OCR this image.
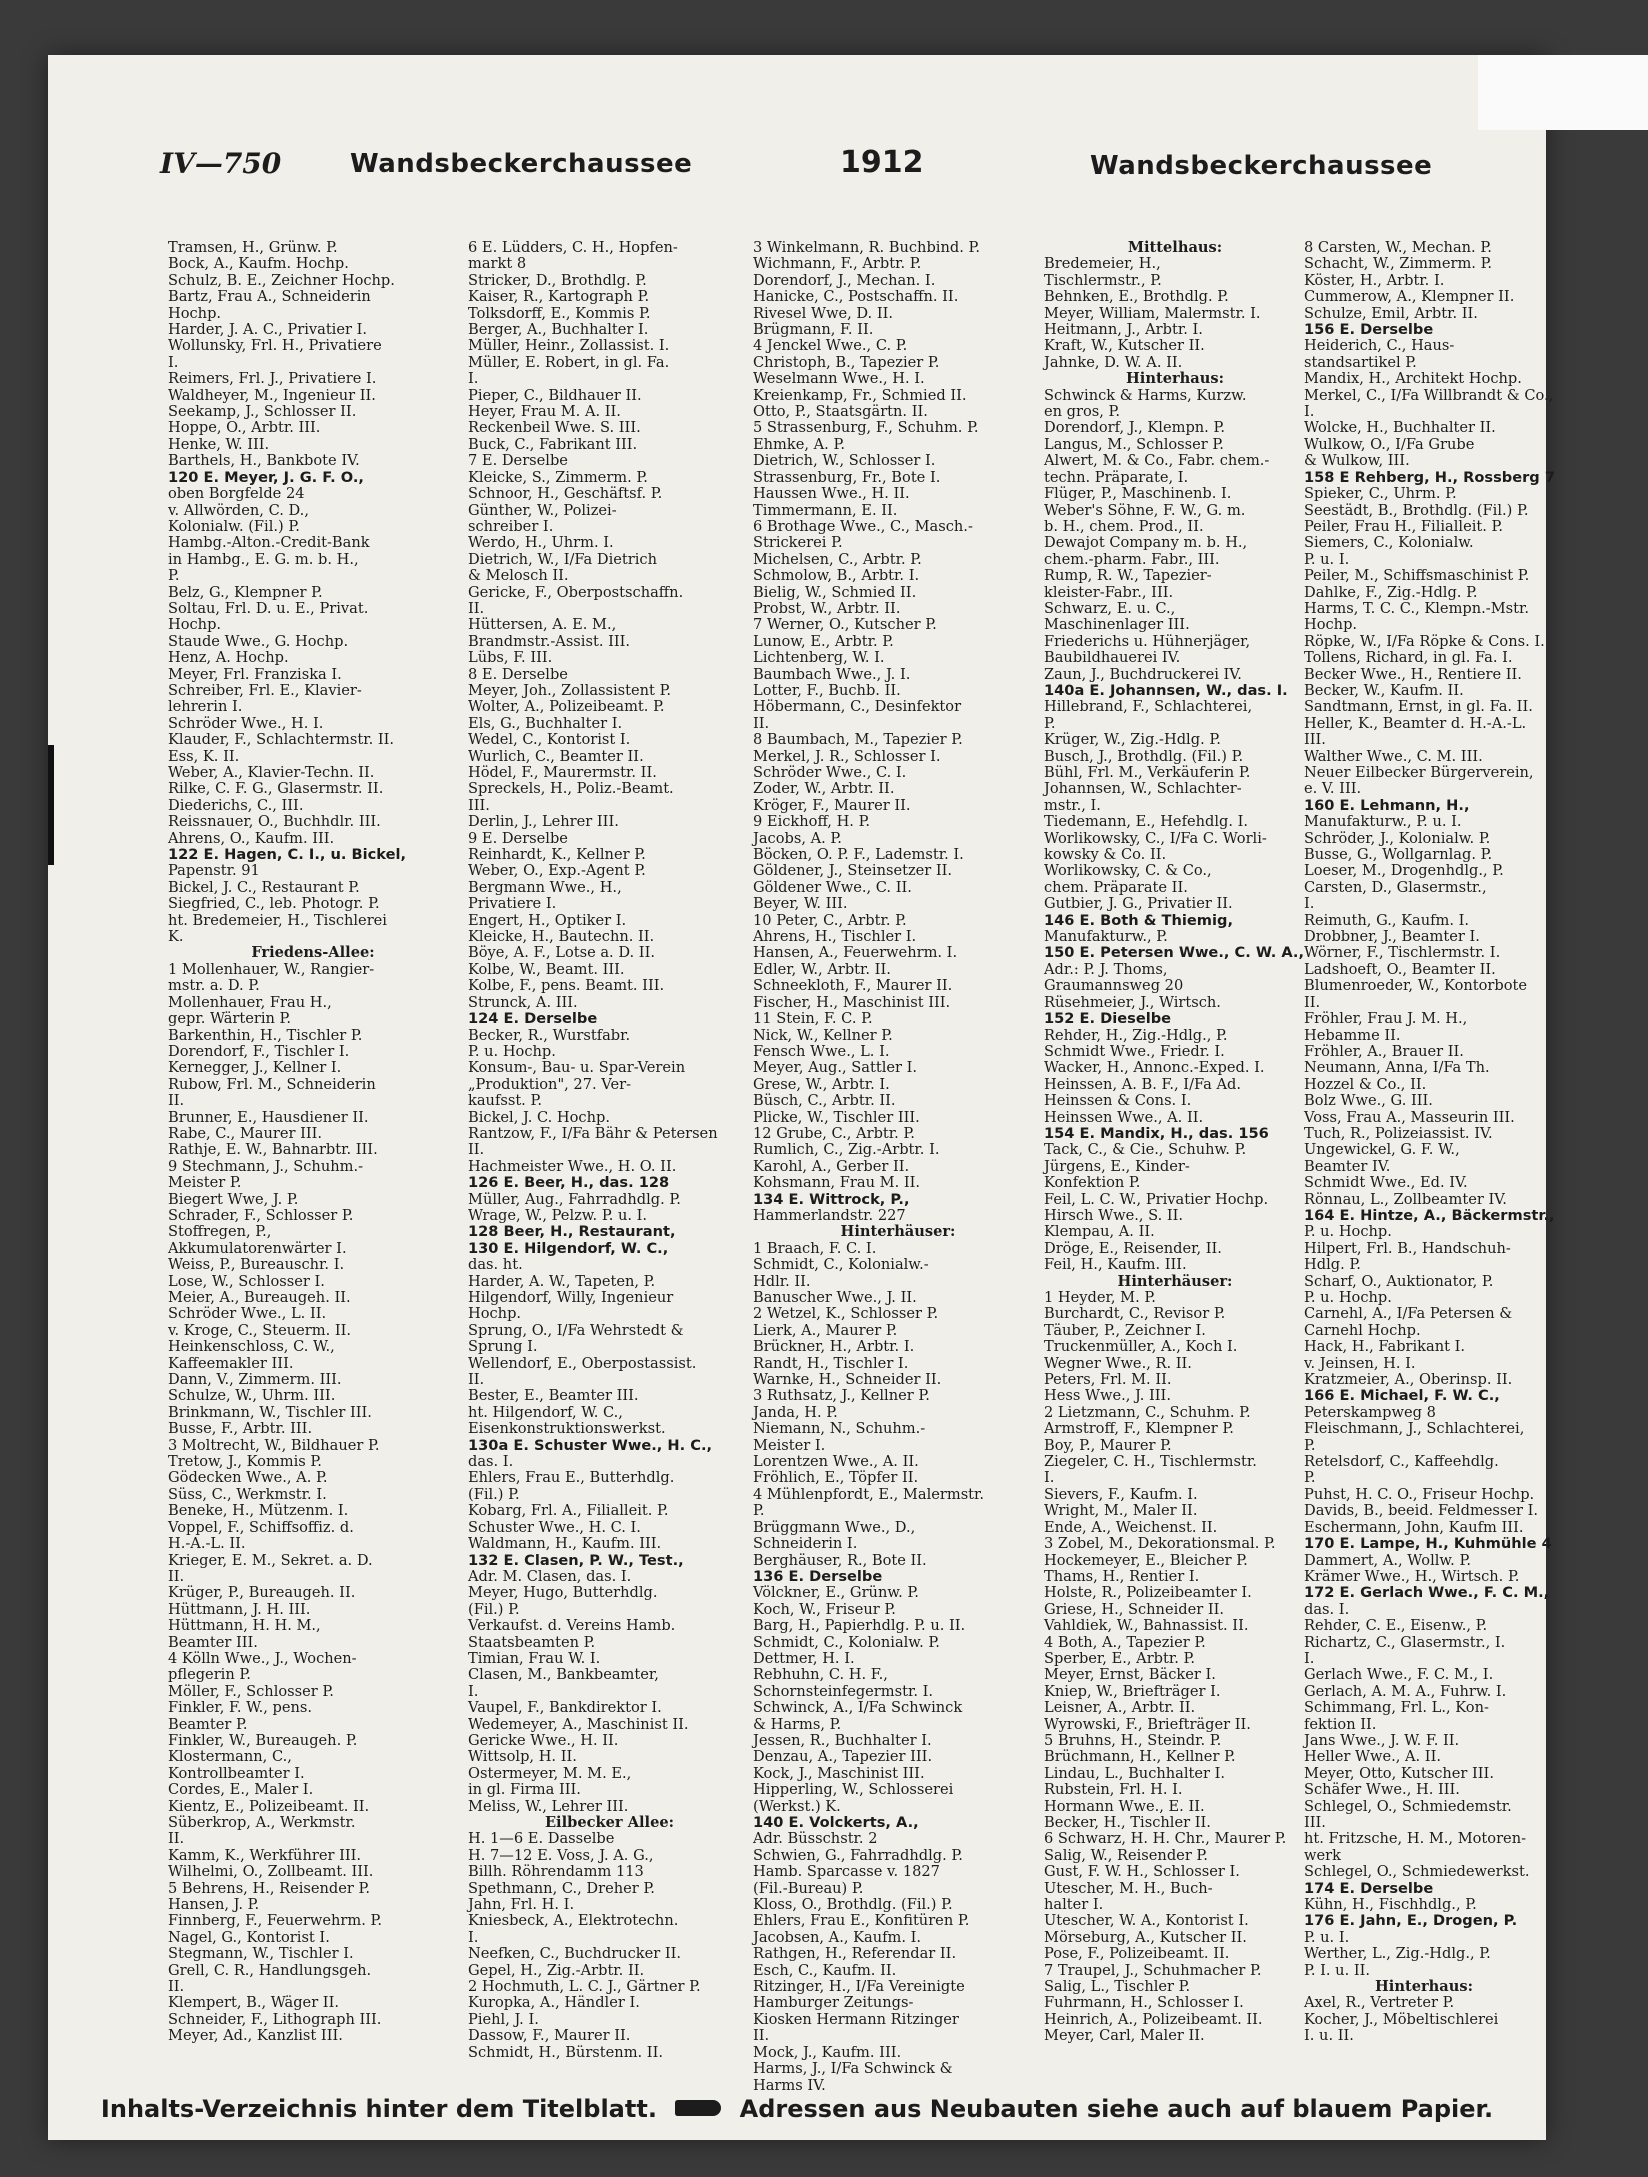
IV—750	Wandsbeckerchaussee	1912	Wandsbeckerchaussee
Tramsen, H., Grünw. P.
Bock, A., Kaufm. Hochp.
Schulz, B. E., Zeichner Hochp.
Bartz, Frau A., Schneiderin
Hochp.
Harder, J. A. C., Privatier I.
Wollunsky, Frl. H., Privatiere
I.
Reimers, Frl. J., Privatiere I.
Waldheyer, M., Ingenieur II.
Seekamp, J., Schlosser II.
Hoppe, O., Arbtr. III.
Henke, W. III.
Barthels, H., Bankbote IV.
120 E. Meyer, J. G. F. O.,
oben Borgfelde 24
v. Allwörden, C. D.,
Kolonialw. (Fil.) P.
Hambg.-Alton.-Credit-Bank
in Hambg., E. G. m. b. H.,
P.
Belz, G., Klempner P.
Soltau, Frl. D. u. E., Privat.
Hochp.
Staude Wwe., G. Hochp.
Henz, A. Hochp.
Meyer, Frl. Franziska I.
Schreiber, Frl. E., Klavier-
lehrerin I.
Schröder Wwe., H. I.
Klauder, F., Schlachtermstr. II.
Ess, K. II.
Weber, A., Klavier-Techn. II.
Rilke, C. F. G., Glasermstr. II.
Diederichs, C., III.
Reissnauer, O., Buchhdlr. III.
Ahrens, O., Kaufm. III.
122 E. Hagen, C. I., u. Bickel,
Papenstr. 91
Bickel, J. C., Restaurant P.
Siegfried, C., leb. Photogr. P.
ht. Bredemeier, H., Tischlerei
K.
Friedens-Allee:
1 Mollenhauer, W., Rangier-
mstr. a. D. P.
Mollenhauer, Frau H.,
gepr. Wärterin P.
Barkenthin, H., Tischler P.
Dorendorf, F., Tischler I.
Kernegger, J., Kellner I.
Rubow, Frl. M., Schneiderin
II.
Brunner, E., Hausdiener II.
Rabe, C., Maurer III.
Rathje, E. W., Bahnarbtr. III.
9 Stechmann, J., Schuhm.-
Meister P.
Biegert Wwe, J. P.
Schrader, F., Schlosser P.
Stoffregen, P.,
Akkumulatorenwärter I.
Weiss, P., Bureauschr. I.
Lose, W., Schlosser I.
Meier, A., Bureaugeh. II.
Schröder Wwe., L. II.
v. Kroge, C., Steuerm. II.
Heinkenschloss, C. W.,
Kaffeemakler III.
Dann, V., Zimmerm. III.
Schulze, W., Uhrm. III.
Brinkmann, W., Tischler III.
Busse, F., Arbtr. III.
3 Moltrecht, W., Bildhauer P.
Tretow, J., Kommis P.
Gödecken Wwe., A. P.
Süss, C., Werkmstr. I.
Beneke, H., Mützenm. I.
Voppel, F., Schiffsoffiz. d.
H.-A.-L. II.
Krieger, E. M., Sekret. a. D.
II.
Krüger, P., Bureaugeh. II.
Hüttmann, J. H. III.
Hüttmann, H. H. M.,
Beamter III.
4 Kölln Wwe., J., Wochen-
pflegerin P.
Möller, F., Schlosser P.
Finkler, F. W., pens.
Beamter P.
Finkler, W., Bureaugeh. P.
Klostermann, C.,
Kontrollbeamter I.
Cordes, E., Maler I.
Kientz, E., Polizeibeamt. II.
Süberkrop, A., Werkmstr.
II.
Kamm, K., Werkführer III.
Wilhelmi, O., Zollbeamt. III.
5 Behrens, H., Reisender P.
Hansen, J. P.
Finnberg, F., Feuerwehrm. P.
Nagel, G., Kontorist I.
Stegmann, W., Tischler I.
Grell, C. R., Handlungsgeh.
II.
Klempert, B., Wäger II.
Schneider, F., Lithograph III.
Meyer, Ad., Kanzlist III.
6 E. Lüdders, C. H., Hopfen-
markt 8
Stricker, D., Brothdlg. P.
Kaiser, R., Kartograph P.
Tolksdorff, E., Kommis P.
Berger, A., Buchhalter I.
Müller, Heinr., Zollassist. I.
Müller, E. Robert, in gl. Fa.
I.
Pieper, C., Bildhauer II.
Heyer, Frau M. A. II.
Reckenbeil Wwe. S. III.
Buck, C., Fabrikant III.
7 E. Derselbe
Kleicke, S., Zimmerm. P.
Schnoor, H., Geschäftsf. P.
Günther, W., Polizei-
schreiber I.
Werdo, H., Uhrm. I.
Dietrich, W., I/Fa Dietrich
& Melosch II.
Gericke, F., Oberpostschaffn.
II.
Hüttersen, A. E. M.,
Brandmstr.-Assist. III.
Lübs, F. III.
8 E. Derselbe
Meyer, Joh., Zollassistent P.
Wolter, A., Polizeibeamt. P.
Els, G., Buchhalter I.
Wedel, C., Kontorist I.
Wurlich, C., Beamter II.
Hödel, F., Maurermstr. II.
Spreckels, H., Poliz.-Beamt.
III.
Derlin, J., Lehrer III.
9 E. Derselbe
Reinhardt, K., Kellner P.
Weber, O., Exp.-Agent P.
Bergmann Wwe., H.,
Privatiere I.
Engert, H., Optiker I.
Kleicke, H., Bautechn. II.
Böye, A. F., Lotse a. D. II.
Kolbe, W., Beamt. III.
Kolbe, F., pens. Beamt. III.
Strunck, A. III.
124 E. Derselbe
Becker, R., Wurstfabr.
P. u. Hochp.
Konsum-, Bau- u. Spar-Verein
„Produktion", 27. Ver-
kaufsst. P.
Bickel, J. C. Hochp.
Rantzow, F., I/Fa Bähr & Petersen
II.
Hachmeister Wwe., H. O. II.
126 E. Beer, H., das. 128
Müller, Aug., Fahrradhdlg. P.
Wrage, W., Pelzw. P. u. I.
128 Beer, H., Restaurant,
130 E. Hilgendorf, W. C.,
das. ht.
Harder, A. W., Tapeten, P.
Hilgendorf, Willy, Ingenieur
Hochp.
Sprung, O., I/Fa Wehrstedt &
Sprung I.
Wellendorf, E., Oberpostassist.
II.
Bester, E., Beamter III.
ht. Hilgendorf, W. C.,
Eisenkonstruktionswerkst.
130a E. Schuster Wwe., H. C.,
das. I.
Ehlers, Frau E., Butterhdlg.
(Fil.) P.
Kobarg, Frl. A., Filialleit. P.
Schuster Wwe., H. C. I.
Waldmann, H., Kaufm. III.
132 E. Clasen, P. W., Test.,
Adr. M. Clasen, das. I.
Meyer, Hugo, Butterhdlg.
(Fil.) P.
Verkaufst. d. Vereins Hamb.
Staatsbeamten P.
Timian, Frau W. I.
Clasen, M., Bankbeamter,
I.
Vaupel, F., Bankdirektor I.
Wedemeyer, A., Maschinist II.
Gericke Wwe., H. II.
Wittsolp, H. II.
Ostermeyer, M. M. E.,
in gl. Firma III.
Meliss, W., Lehrer III.
Eilbecker Allee:
H. 1—6 E. Dasselbe
H. 7—12 E. Voss, J. A. G.,
Billh. Röhrendamm 113
Spethmann, C., Dreher P.
Jahn, Frl. H. I.
Kniesbeck, A., Elektrotechn.
I.
Neefken, C., Buchdrucker II.
Gepel, H., Zig.-Arbtr. II.
2 Hochmuth, L. C. J., Gärtner P.
Kuropka, A., Händler I.
Piehl, J. I.
Dassow, F., Maurer II.
Schmidt, H., Bürstenm. II.
3 Winkelmann, R. Buchbind. P.
Wichmann, F., Arbtr. P.
Dorendorf, J., Mechan. I.
Hanicke, C., Postschaffn. II.
Rivesel Wwe, D. II.
Brügmann, F. II.
4 Jenckel Wwe., C. P.
Christoph, B., Tapezier P.
Weselmann Wwe., H. I.
Kreienkamp, Fr., Schmied II.
Otto, P., Staatsgärtn. II.
5 Strassenburg, F., Schuhm. P.
Ehmke, A. P.
Dietrich, W., Schlosser I.
Strassenburg, Fr., Bote I.
Haussen Wwe., H. II.
Timmermann, E. II.
6 Brothage Wwe., C., Masch.-
Strickerei P.
Michelsen, C., Arbtr. P.
Schmolow, B., Arbtr. I.
Bielig, W., Schmied II.
Probst, W., Arbtr. II.
7 Werner, O., Kutscher P.
Lunow, E., Arbtr. P.
Lichtenberg, W. I.
Baumbach Wwe., J. I.
Lotter, F., Buchb. II.
Höbermann, C., Desinfektor
II.
8 Baumbach, M., Tapezier P.
Merkel, J. R., Schlosser I.
Schröder Wwe., C. I.
Zoder, W., Arbtr. II.
Kröger, F., Maurer II.
9 Eickhoff, H. P.
Jacobs, A. P.
Böcken, O. P. F., Lademstr. I.
Göldener, J., Steinsetzer II.
Göldener Wwe., C. II.
Beyer, W. III.
10 Peter, C., Arbtr. P.
Ahrens, H., Tischler I.
Hansen, A., Feuerwehrm. I.
Edler, W., Arbtr. II.
Schneekloth, F., Maurer II.
Fischer, H., Maschinist III.
11 Stein, F. C. P.
Nick, W., Kellner P.
Fensch Wwe., L. I.
Meyer, Aug., Sattler I.
Grese, W., Arbtr. I.
Büsch, C., Arbtr. II.
Plicke, W., Tischler III.
12 Grube, C., Arbtr. P.
Rumlich, C., Zig.-Arbtr. I.
Karohl, A., Gerber II.
Kohsmann, Frau M. II.
134 E. Wittrock, P.,
Hammerlandstr. 227
Hinterhäuser:
1 Braach, F. C. I.
Schmidt, C., Kolonialw.-
Hdlr. II.
Banuscher Wwe., J. II.
2 Wetzel, K., Schlosser P.
Lierk, A., Maurer P.
Brückner, H., Arbtr. I.
Randt, H., Tischler I.
Warnke, H., Schneider II.
3 Ruthsatz, J., Kellner P.
Janda, H. P.
Niemann, N., Schuhm.-
Meister I.
Lorentzen Wwe., A. II.
Fröhlich, E., Töpfer II.
4 Mühlenpfordt, E., Malermstr.
P.
Brüggmann Wwe., D.,
Schneiderin I.
Berghäuser, R., Bote II.
136 E. Derselbe
Völckner, E., Grünw. P.
Koch, W., Friseur P.
Barg, H., Papierhdlg. P. u. II.
Schmidt, C., Kolonialw. P.
Dettmer, H. I.
Rebhuhn, C. H. F.,
Schornsteinfegermstr. I.
Schwinck, A., I/Fa Schwinck
& Harms, P.
Jessen, R., Buchhalter I.
Denzau, A., Tapezier III.
Kock, J., Maschinist III.
Hipperling, W., Schlosserei
(Werkst.) K.
140 E. Volckerts, A.,
Adr. Büsschstr. 2
Schwien, G., Fahrradhdlg. P.
Hamb. Sparcasse v. 1827
(Fil.-Bureau) P.
Kloss, O., Brothdlg. (Fil.) P.
Ehlers, Frau E., Konfitüren P.
Jacobsen, A., Kaufm. I.
Rathgen, H., Referendar II.
Esch, C., Kaufm. II.
Ritzinger, H., I/Fa Vereinigte
Hamburger Zeitungs-
Kiosken Hermann Ritzinger
II.
Mock, J., Kaufm. III.
Harms, J., I/Fa Schwinck &
Harms IV.
Mittelhaus:
Bredemeier, H.,
Tischlermstr., P.
Behnken, E., Brothdlg. P.
Meyer, William, Malermstr. I.
Heitmann, J., Arbtr. I.
Kraft, W., Kutscher II.
Jahnke, D. W. A. II.
Hinterhaus:
Schwinck & Harms, Kurzw.
en gros, P.
Dorendorf, J., Klempn. P.
Langus, M., Schlosser P.
Alwert, M. & Co., Fabr. chem.-
techn. Präparate, I.
Flüger, P., Maschinenb. I.
Weber's Söhne, F. W., G. m.
b. H., chem. Prod., II.
Dewajot Company m. b. H.,
chem.-pharm. Fabr., III.
Rump, R. W., Tapezier-
kleister-Fabr., III.
Schwarz, E. u. C.,
Maschinenlager III.
Friederichs u. Hühnerjäger,
Baubildhauerei IV.
Zaun, J., Buchdruckerei IV.
140a E. Johannsen, W., das. I.
Hillebrand, F., Schlachterei,
P.
Krüger, W., Zig.-Hdlg. P.
Busch, J., Brothdlg. (Fil.) P.
Bühl, Frl. M., Verkäuferin P.
Johannsen, W., Schlachter-
mstr., I.
Tiedemann, E., Hefehdlg. I.
Worlikowsky, C., I/Fa C. Worli-
kowsky & Co. II.
Worlikowsky, C. & Co.,
chem. Präparate II.
Gutbier, J. G., Privatier II.
146 E. Both & Thiemig,
Manufakturw., P.
150 E. Petersen Wwe., C. W. A.,
Adr.: P. J. Thoms,
Graumannsweg 20
Rüsehmeier, J., Wirtsch.
152 E. Dieselbe
Rehder, H., Zig.-Hdlg., P.
Schmidt Wwe., Friedr. I.
Wacker, H., Annonc.-Exped. I.
Heinssen, A. B. F., I/Fa Ad.
Heinssen & Cons. I.
Heinssen Wwe., A. II.
154 E. Mandix, H., das. 156
Tack, C., & Cie., Schuhw. P.
Jürgens, E., Kinder-
Konfektion P.
Feil, L. C. W., Privatier Hochp.
Hirsch Wwe., S. II.
Klempau, A. II.
Dröge, E., Reisender, II.
Feil, H., Kaufm. III.
Hinterhäuser:
1 Heyder, M. P.
Burchardt, C., Revisor P.
Täuber, P., Zeichner I.
Truckenmüller, A., Koch I.
Wegner Wwe., R. II.
Peters, Frl. M. II.
Hess Wwe., J. III.
2 Lietzmann, C., Schuhm. P.
Armstroff, F., Klempner P.
Boy, P., Maurer P.
Ziegeler, C. H., Tischlermstr.
I.
Sievers, F., Kaufm. I.
Wright, M., Maler II.
Ende, A., Weichenst. II.
3 Zobel, M., Dekorationsmal. P.
Hockemeyer, E., Bleicher P.
Thams, H., Rentier I.
Holste, R., Polizeibeamter I.
Griese, H., Schneider II.
Vahldiek, W., Bahnassist. II.
4 Both, A., Tapezier P.
Sperber, E., Arbtr. P.
Meyer, Ernst, Bäcker I.
Kniep, W., Briefträger I.
Leisner, A., Arbtr. II.
Wyrowski, F., Briefträger II.
5 Bruhns, H., Steindr. P.
Brüchmann, H., Kellner P.
Lindau, L., Buchhalter I.
Rubstein, Frl. H. I.
Hormann Wwe., E. II.
Becker, H., Tischler II.
6 Schwarz, H. H. Chr., Maurer P.
Salig, W., Reisender P.
Gust, F. W. H., Schlosser I.
Utescher, M. H., Buch-
halter I.
Utescher, W. A., Kontorist I.
Mörseburg, A., Kutscher II.
Pose, F., Polizeibeamt. II.
7 Traupel, J., Schuhmacher P.
Salig, L., Tischler P.
Fuhrmann, H., Schlosser I.
Heinrich, A., Polizeibeamt. II.
Meyer, Carl, Maler II.
8 Carsten, W., Mechan. P.
Schacht, W., Zimmerm. P.
Köster, H., Arbtr. I.
Cummerow, A., Klempner II.
Schulze, Emil, Arbtr. II.
156 E. Derselbe
Heiderich, C., Haus-
standsartikel P.
Mandix, H., Architekt Hochp.
Merkel, C., I/Fa Willbrandt & Co.,
I.
Wolcke, H., Buchhalter II.
Wulkow, O., I/Fa Grube
& Wulkow, III.
158 E Rehberg, H., Rossberg 7
Spieker, C., Uhrm. P.
Seestädt, B., Brothdlg. (Fil.) P.
Peiler, Frau H., Filialleit. P.
Siemers, C., Kolonialw.
P. u. I.
Peiler, M., Schiffsmaschinist P.
Dahlke, F., Zig.-Hdlg. P.
Harms, T. C. C., Klempn.-Mstr.
Hochp.
Röpke, W., I/Fa Röpke & Cons. I.
Tollens, Richard, in gl. Fa. I.
Becker Wwe., H., Rentiere II.
Becker, W., Kaufm. II.
Sandtmann, Ernst, in gl. Fa. II.
Heller, K., Beamter d. H.-A.-L.
III.
Walther Wwe., C. M. III.
Neuer Eilbecker Bürgerverein,
e. V. III.
160 E. Lehmann, H.,
Manufakturw., P. u. I.
Schröder, J., Kolonialw. P.
Busse, G., Wollgarnlag. P.
Loeser, M., Drogenhdlg., P.
Carsten, D., Glasermstr.,
I.
Reimuth, G., Kaufm. I.
Drobbner, J., Beamter I.
Wörner, F., Tischlermstr. I.
Ladshoeft, O., Beamter II.
Blumenroeder, W., Kontorbote
II.
Fröhler, Frau J. M. H.,
Hebamme II.
Fröhler, A., Brauer II.
Neumann, Anna, I/Fa Th.
Hozzel & Co., II.
Bolz Wwe., G. III.
Voss, Frau A., Masseurin III.
Tuch, R., Polizeiassist. IV.
Ungewickel, G. F. W.,
Beamter IV.
Schmidt Wwe., Ed. IV.
Rönnau, L., Zollbeamter IV.
164 E. Hintze, A., Bäckermstr.,
P. u. Hochp.
Hilpert, Frl. B., Handschuh-
Hdlg. P.
Scharf, O., Auktionator, P.
P. u. Hochp.
Carnehl, A., I/Fa Petersen &
Carnehl Hochp.
Hack, H., Fabrikant I.
v. Jeinsen, H. I.
Kratzmeier, A., Oberinsp. II.
166 E. Michael, F. W. C.,
Peterskampweg 8
Fleischmann, J., Schlachterei,
P.
Retelsdorf, C., Kaffeehdlg.
P.
Puhst, H. C. O., Friseur Hochp.
Davids, B., beeid. Feldmesser I.
Eschermann, John, Kaufm III.
170 E. Lampe, H., Kuhmühle 4
Dammert, A., Wollw. P.
Krämer Wwe., H., Wirtsch. P.
172 E. Gerlach Wwe., F. C. M.,
das. I.
Rehder, C. E., Eisenw., P.
Richartz, C., Glasermstr., I.
I.
Gerlach Wwe., F. C. M., I.
Gerlach, A. M. A., Fuhrw. I.
Schimmang, Frl. L., Kon-
fektion II.
Jans Wwe., J. W. F. II.
Heller Wwe., A. II.
Meyer, Otto, Kutscher III.
Schäfer Wwe., H. III.
Schlegel, O., Schmiedemstr.
III.
ht. Fritzsche, H. M., Motoren-
werk
Schlegel, O., Schmiedewerkst.
174 E. Derselbe
Kühn, H., Fischhdlg., P.
176 E. Jahn, E., Drogen, P.
P. u. I.
Werther, L., Zig.-Hdlg., P.
P. I. u. II.
Hinterhaus:
Axel, R., Vertreter P.
Kocher, J., Möbeltischlerei
I. u. II.
Inhalts-Verzeichnis hinter dem Titelblatt.	Adressen aus Neubauten siehe auch auf blauem Papier.
